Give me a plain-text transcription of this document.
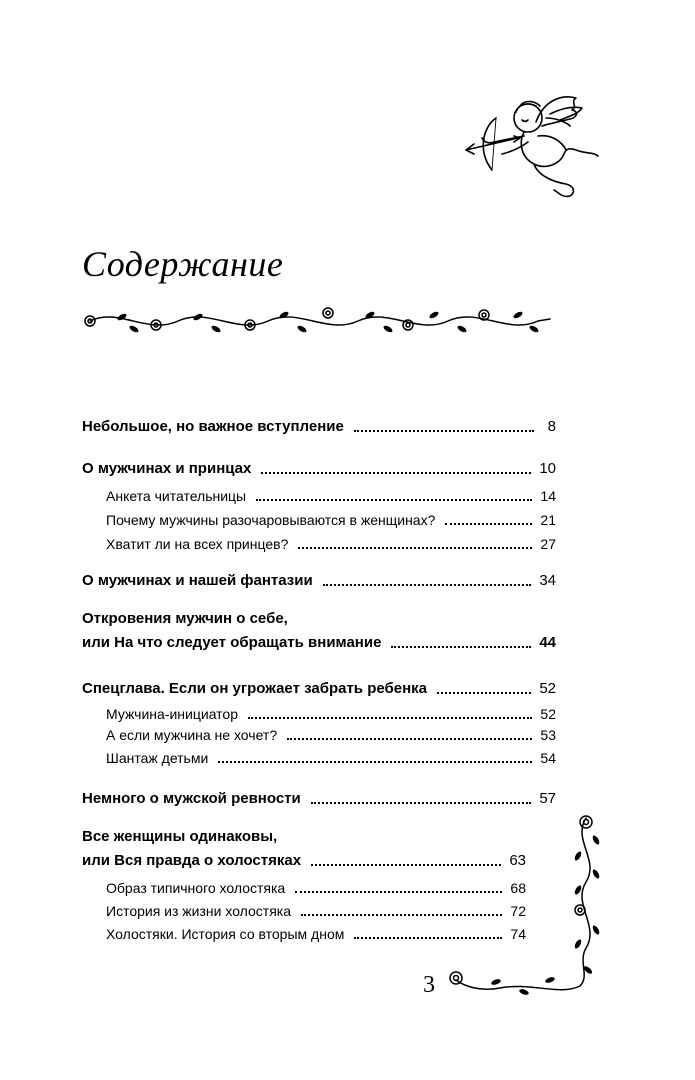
Содержание
Небольшое, но важное вступление	8
О мужчинах и принцах	10
Анкета читательницы	14
Почему мужчины разочаровываются в женщинах?	21
Хватит ли на всех принцев?	27
О мужчинах и нашей фантазии	34
Откровения мужчин о себе,
или На что следует обращать внимание	44
Спецглава. Если он угрожает забрать ребенка	52
Мужчина-инициатор	52
А если мужчина не хочет?	53
Шантаж детьми	54
Немного о мужской ревности	57
Все женщины одинаковы,
или Вся правда о холостяках	63
Образ типичного холостяка	68
История из жизни холостяка	72
Холостяки. История со вторым дном	74
3
